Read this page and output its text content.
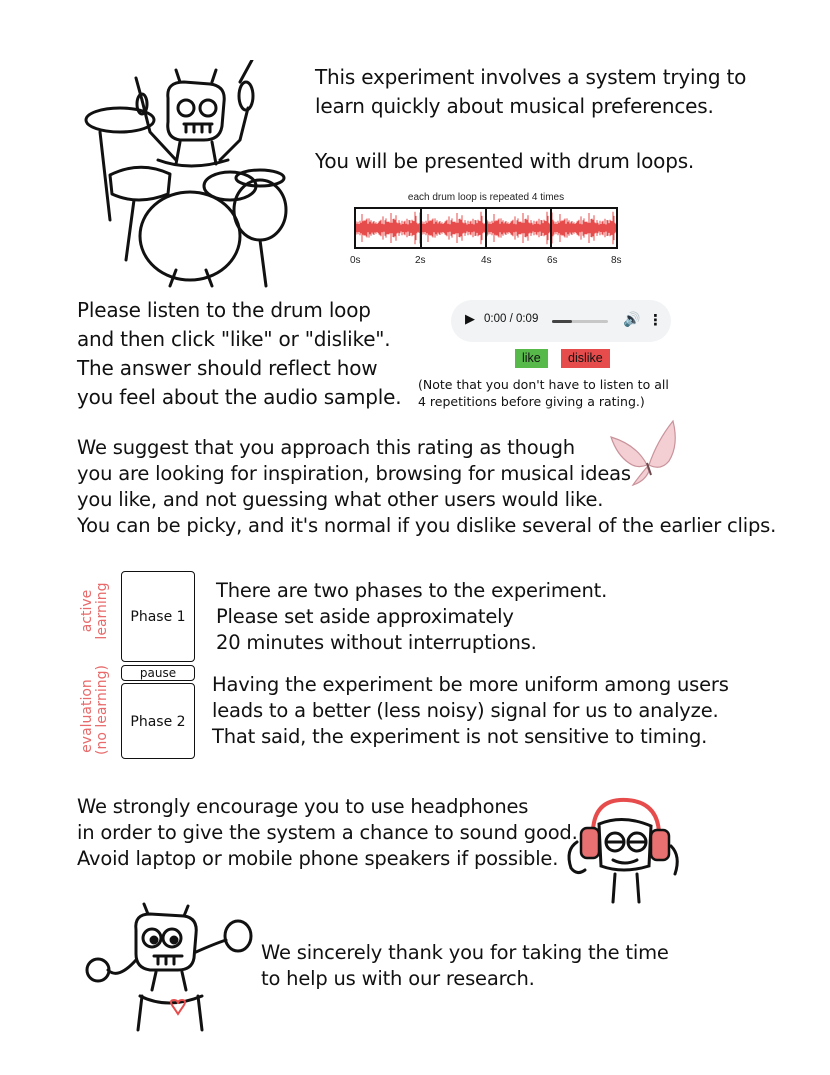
This experiment involves a system trying to
learn quickly about musical preferences.
You will be presented with drum loops.
each drum loop is repeated 4 times
0s	2s	4s	6s	8s
Please listen to the drum loop
and then click "like" or "dislike".
The answer should reflect how
you feel about the audio sample.
▶ 0:00 / 0:09	🔊 ⋮
like	dislike
(Note that you don't have to listen to all
4 repetitions before giving a rating.)
We suggest that you approach this rating as though
you are looking for inspiration, browsing for musical ideas
you like, and not guessing what other users would like.
You can be picky, and it's normal if you dislike several of the earlier clips.
Phase 1
pause
Phase 2
active learning
evaluation (no learning)
There are two phases to the experiment.
Please set aside approximately
20 minutes without interruptions.
Having the experiment be more uniform among users
leads to a better (less noisy) signal for us to analyze.
That said, the experiment is not sensitive to timing.
We strongly encourage you to use headphones
in order to give the system a chance to sound good.
Avoid laptop or mobile phone speakers if possible.
We sincerely thank you for taking the time
to help us with our research.
